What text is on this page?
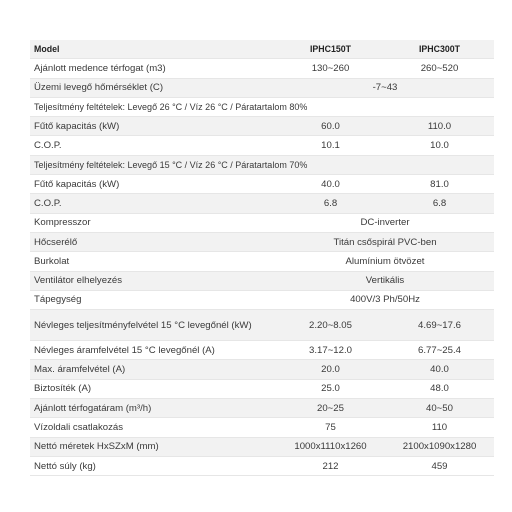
Model	IPHC150T	IPHC300T
Ajánlott medence térfogat (m3)	130~260	260~520
Üzemi levegő hőmérséklet (C)	-7~43	
Teljesítmény feltételek: Levegő 26 °C / Víz 26 °C / Páratartalom 80%		
Fűtő kapacitás (kW)	60.0	110.0
C.O.P.	10.1	10.0
Teljesítmény feltételek: Levegő 15 °C / Víz 26 °C / Páratartalom 70%		
Fűtő kapacitás (kW)	40.0	81.0
C.O.P.	6.8	6.8
Kompresszor	DC-inverter	
Hőcserélő	Titán csőspirál PVC-ben	
Burkolat	Alumínium ötvözet	
Ventilátor elhelyezés	Vertikális	
Tápegység	400V/3 Ph/50Hz	
Névleges teljesítményfelvétel 15 °C levegőnél (kW)	2.20~8.05	4.69~17.6
Névleges áramfelvétel 15 °C levegőnél (A)	3.17~12.0	6.77~25.4
Max. áramfelvétel (A)	20.0	40.0
Biztosíték (A)	25.0	48.0
Ajánlott térfogatáram (m³/h)	20~25	40~50
Vízoldali csatlakozás	75	110
Nettó méretek HxSZxM (mm)	1000x1110x1260	2100x1090x1280
Nettó súly (kg)	212	459
